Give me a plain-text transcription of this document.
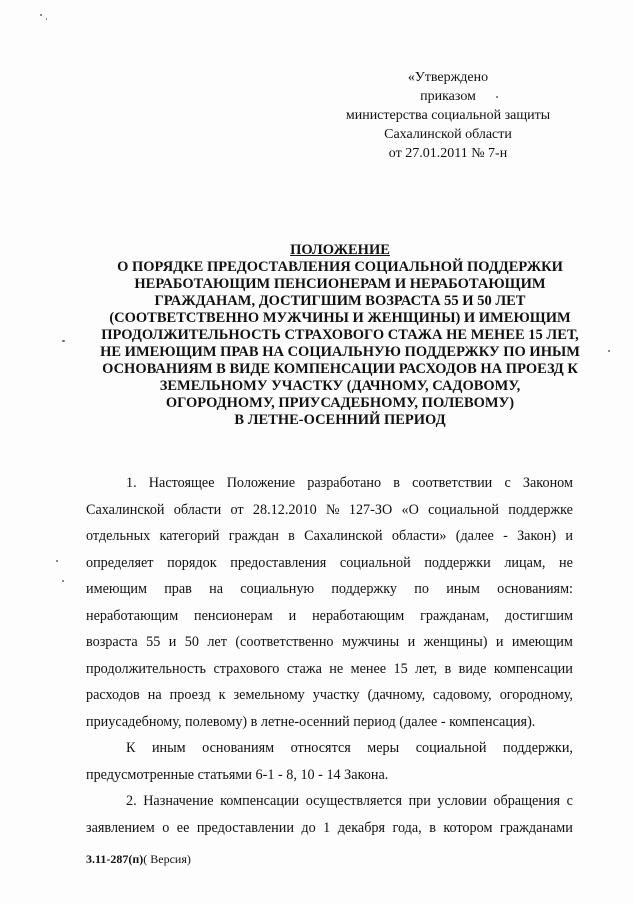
«Утверждено
приказом
министерства социальной защиты
Сахалинской области
от 27.01.2011 № 7-н
ПОЛОЖЕНИЕ
О ПОРЯДКЕ ПРЕДОСТАВЛЕНИЯ СОЦИАЛЬНОЙ ПОДДЕРЖКИ
НЕРАБОТАЮЩИМ ПЕНСИОНЕРАМ И НЕРАБОТАЮЩИМ
ГРАЖДАНАМ, ДОСТИГШИМ ВОЗРАСТА 55 И 50 ЛЕТ
(СООТВЕТСТВЕННО МУЖЧИНЫ И ЖЕНЩИНЫ) И ИМЕЮЩИМ
ПРОДОЛЖИТЕЛЬНОСТЬ СТРАХОВОГО СТАЖА НЕ МЕНЕЕ 15 ЛЕТ,
НЕ ИМЕЮЩИМ ПРАВ НА СОЦИАЛЬНУЮ ПОДДЕРЖКУ ПО ИНЫМ
ОСНОВАНИЯМ В ВИДЕ КОМПЕНСАЦИИ РАСХОДОВ НА ПРОЕЗД К
ЗЕМЕЛЬНОМУ УЧАСТКУ (ДАЧНОМУ, САДОВОМУ,
ОГОРОДНОМУ, ПРИУСАДЕБНОМУ, ПОЛЕВОМУ)
В ЛЕТНЕ-ОСЕННИЙ ПЕРИОД
1. Настоящее Положение разработано в соответствии с Законом
Сахалинской области от 28.12.2010 № 127-ЗО «О социальной поддержке
отдельных категорий граждан в Сахалинской области» (далее - Закон) и
определяет порядок предоставления социальной поддержки лицам, не
имеющим прав на социальную поддержку по иным основаниям:
неработающим пенсионерам и неработающим гражданам, достигшим
возраста 55 и 50 лет (соответственно мужчины и женщины) и имеющим
продолжительность страхового стажа не менее 15 лет, в виде компенсации
расходов на проезд к земельному участку (дачному, садовому, огородному,
приусадебному, полевому) в летне-осенний период (далее - компенсация).
К иным основаниям относятся меры социальной поддержки,
предусмотренные статьями 6-1 - 8, 10 - 14 Закона.
2. Назначение компенсации осуществляется при условии обращения с
заявлением о ее предоставлении до 1 декабря года, в котором гражданами
3.11-287(п)( Версия)
